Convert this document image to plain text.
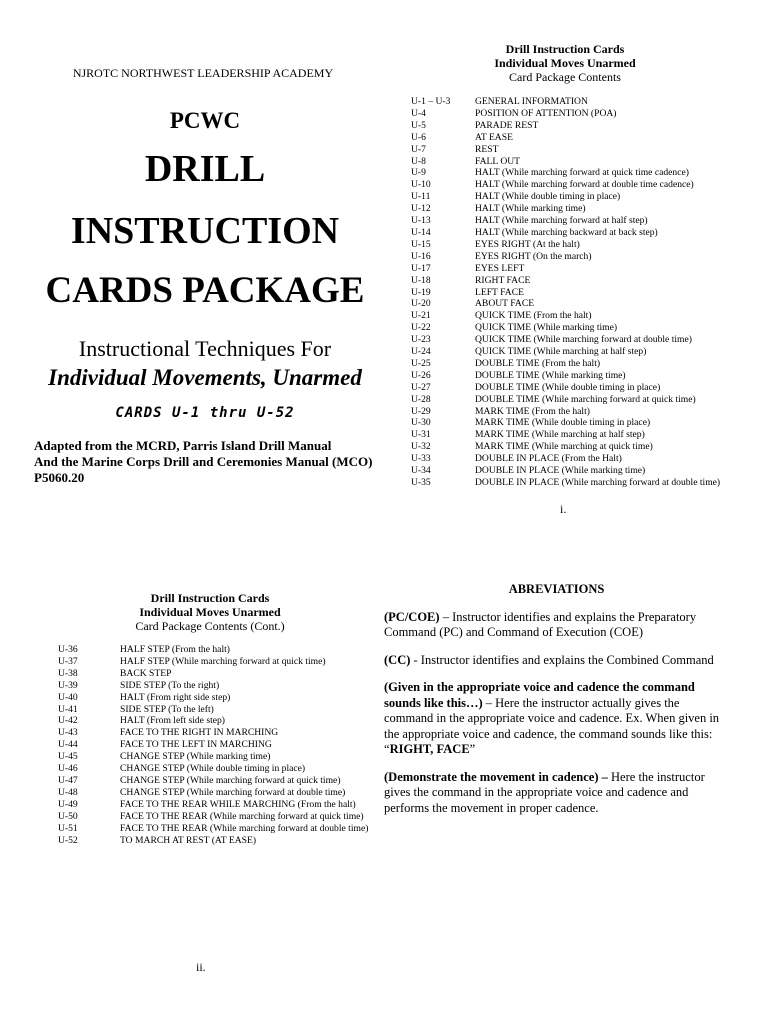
NJROTC NORTHWEST LEADERSHIP ACADEMY
PCWC
DRILL
INSTRUCTION
CARDS PACKAGE
Instructional Techniques For
Individual Movements, Unarmed
CARDS U-1 thru U-52
Adapted from the MCRD, Parris Island Drill Manual
And the Marine Corps Drill and Ceremonies Manual (MCO)
P5060.20
Drill Instruction Cards
Individual Moves Unarmed
Card Package Contents
U-1 – U-3	GENERAL INFORMATION
U-4	POSITION OF ATTENTION (POA)
U-5	PARADE REST
U-6	AT EASE
U-7	REST
U-8	FALL OUT
U-9	HALT (While marching forward at quick time cadence)
U-10	HALT (While marching forward at double time cadence)
U-11	HALT (While double timing in place)
U-12	HALT (While marking time)
U-13	HALT (While marching forward at half step)
U-14	HALT (While marching backward at back step)
U-15	EYES RIGHT (At the halt)
U-16	EYES RIGHT (On the march)
U-17	EYES LEFT
U-18	RIGHT FACE
U-19	LEFT FACE
U-20	ABOUT FACE
U-21	QUICK TIME (From the halt)
U-22	QUICK TIME (While marking time)
U-23	QUICK TIME (While marching forward at double time)
U-24	QUICK TIME (While marching at half step)
U-25	DOUBLE TIME (From the halt)
U-26	DOUBLE TIME (While marking time)
U-27	DOUBLE TIME (While double timing in place)
U-28	DOUBLE TIME (While marching forward at quick time)
U-29	MARK TIME (From the halt)
U-30	MARK TIME (While double timing in place)
U-31	MARK TIME (While marching at half step)
U-32	MARK TIME (While marching at quick time)
U-33	DOUBLE IN PLACE (From the Halt)
U-34	DOUBLE IN PLACE (While marking time)
U-35	DOUBLE IN PLACE (While marching forward at double time)
i.
Drill Instruction Cards
Individual Moves Unarmed
Card Package Contents (Cont.)
U-36	HALF STEP (From the halt)
U-37	HALF STEP (While marching forward at quick time)
U-38	BACK STEP
U-39	SIDE STEP (To the right)
U-40	HALT (From right side step)
U-41	SIDE STEP (To the left)
U-42	HALT (From left side step)
U-43	FACE TO THE RIGHT IN MARCHING
U-44	FACE TO THE LEFT IN MARCHING
U-45	CHANGE STEP (While marking time)
U-46	CHANGE STEP (While double timing in place)
U-47	CHANGE STEP (While marching forward at quick time)
U-48	CHANGE STEP (While marching forward at double time)
U-49	FACE TO THE REAR WHILE MARCHING (From the halt)
U-50	FACE TO THE REAR (While marching forward at quick time)
U-51	FACE TO THE REAR (While marching forward at double time)
U-52	TO MARCH AT REST (AT EASE)
ii.
ABREVIATIONS

(PC/COE) – Instructor identifies and explains the Preparatory Command (PC) and Command of Execution (COE)

(CC) - Instructor identifies and explains the Combined Command

(Given in the appropriate voice and cadence the command sounds like this…) – Here the instructor actually gives the command in the appropriate voice and cadence. Ex. When given in the appropriate voice and cadence, the command sounds like this: “RIGHT, FACE”

(Demonstrate the movement in cadence) – Here the instructor gives the command in the appropriate voice and cadence and performs the movement in proper cadence.
